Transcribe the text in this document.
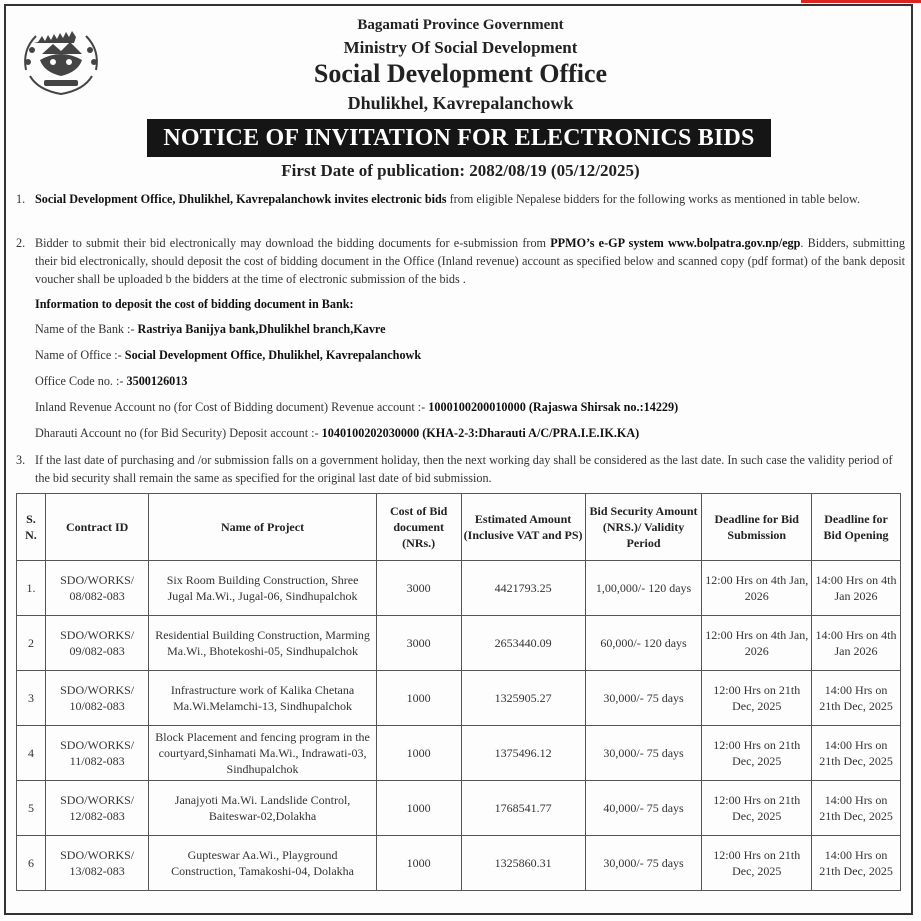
Bagamati Province Government
Ministry Of Social Development
Social Development Office
Dhulikhel, Kavrepalanchowk
NOTICE OF INVITATION FOR ELECTRONICS BIDS
First Date of publication: 2082/08/19 (05/12/2025)
1. Social Development Office, Dhulikhel, Kavrepalanchowk invites electronic bids from eligible Nepalese bidders for the following works as mentioned in table below.
2. Bidder to submit their bid electronically may download the bidding documents for e-submission from PPMO’s e-GP system www.bolpatra.gov.np/egp. Bidders, submitting their bid electronically, should deposit the cost of bidding document in the Office (Inland revenue) account as specified below and scanned copy (pdf format) of the bank deposit voucher shall be uploaded b the bidders at the time of electronic submission of the bids .
Information to deposit the cost of bidding document in Bank:
Name of the Bank :- Rastriya Banijya bank,Dhulikhel branch,Kavre
Name of Office :- Social Development Office, Dhulikhel, Kavrepalanchowk
Office Code no. :- 3500126013
Inland Revenue Account no (for Cost of Bidding document) Revenue account :- 1000100200010000 (Rajaswa Shirsak no.:14229)
Dharauti Account no (for Bid Security) Deposit account :- 1040100202030000 (KHA-2-3:Dharauti A/C/PRA.I.E.IK.KA)
3. If the last date of purchasing and /or submission falls on a government holiday, then the next working day shall be considered as the last date. In such case the validity period of the bid security shall remain the same as specified for the original last date of bid submission.
S. N.	Contract ID	Name of Project	Cost of Bid document (NRs.)	Estimated Amount (Inclusive VAT and PS)	Bid Security Amount (NRS.)/ Validity Period	Deadline for Bid Submission	Deadline for Bid Opening
1.	SDO/WORKS/ 08/082-083	Six Room Building Construction, Shree Jugal Ma.Wi., Jugal-06, Sindhupalchok	3000	4421793.25	1,00,000/- 120 days	12:00 Hrs on 4th Jan, 2026	14:00 Hrs on 4th Jan 2026
2	SDO/WORKS/ 09/082-083	Residential Building Construction, Marming Ma.Wi., Bhotekoshi-05, Sindhupalchok	3000	2653440.09	60,000/- 120 days	12:00 Hrs on 4th Jan, 2026	14:00 Hrs on 4th Jan 2026
3	SDO/WORKS/ 10/082-083	Infrastructure work of Kalika Chetana Ma.Wi.Melamchi-13, Sindhupalchok	1000	1325905.27	30,000/- 75 days	12:00 Hrs on 21th Dec, 2025	14:00 Hrs on 21th Dec, 2025
4	SDO/WORKS/ 11/082-083	Block Placement and fencing program in the courtyard,Sinhamati Ma.Wi., Indrawati-03, Sindhupalchok	1000	1375496.12	30,000/- 75 days	12:00 Hrs on 21th Dec, 2025	14:00 Hrs on 21th Dec, 2025
5	SDO/WORKS/ 12/082-083	Janajyoti Ma.Wi. Landslide Control, Baiteswar-02,Dolakha	1000	1768541.77	40,000/- 75 days	12:00 Hrs on 21th Dec, 2025	14:00 Hrs on 21th Dec, 2025
6	SDO/WORKS/ 13/082-083	Gupteswar Aa.Wi., Playground Construction, Tamakoshi-04, Dolakha	1000	1325860.31	30,000/- 75 days	12:00 Hrs on 21th Dec, 2025	14:00 Hrs on 21th Dec, 2025
